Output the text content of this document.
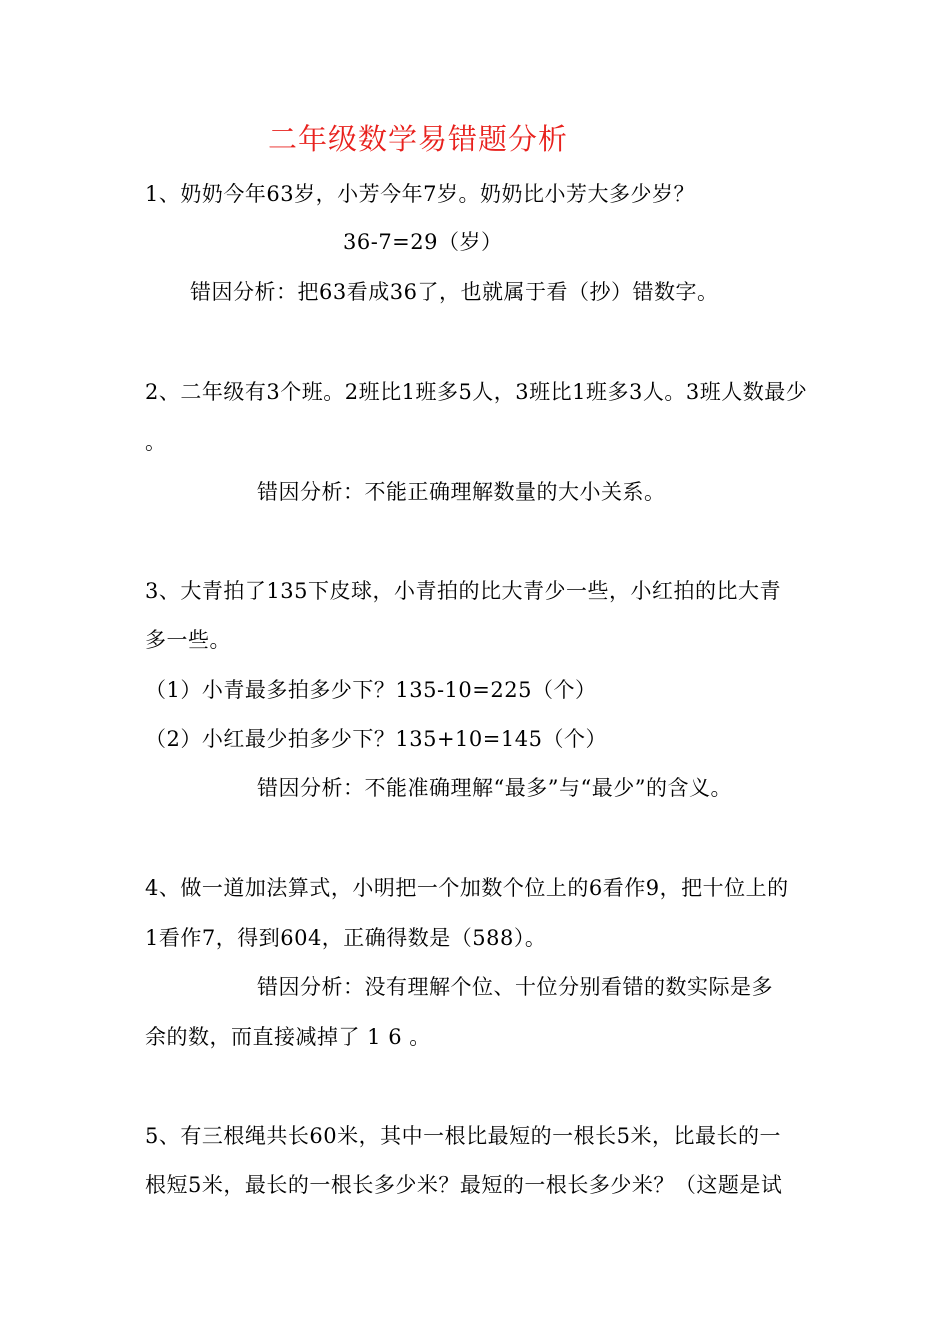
二年级数学易错题分析
1、奶奶今年63岁，小芳今年7岁。奶奶比小芳大多少岁？
36-7=29（岁）
错因分析：把63看成36了，也就属于看（抄）错数字。
2、二年级有3个班。2班比1班多5人，3班比1班多3人。3班人数最少
。
错因分析：不能正确理解数量的大小关系。
3、大青拍了135下皮球，小青拍的比大青少一些，小红拍的比大青
多一些。
（1）小青最多拍多少下？135-10=225（个）
（2）小红最少拍多少下？135+10=145（个）
错因分析：不能准确理解“最多”与“最少”的含义。
4、做一道加法算式，小明把一个加数个位上的6看作9，把十位上的
1看作7，得到604，正确得数是（588）。
错因分析：没有理解个位、十位分别看错的数实际是多
余的数，而直接减掉了 1 6 。
5、有三根绳共长60米，其中一根比最短的一根长5米，比最长的一
根短5米，最长的一根长多少米？最短的一根长多少米？（这题是试
